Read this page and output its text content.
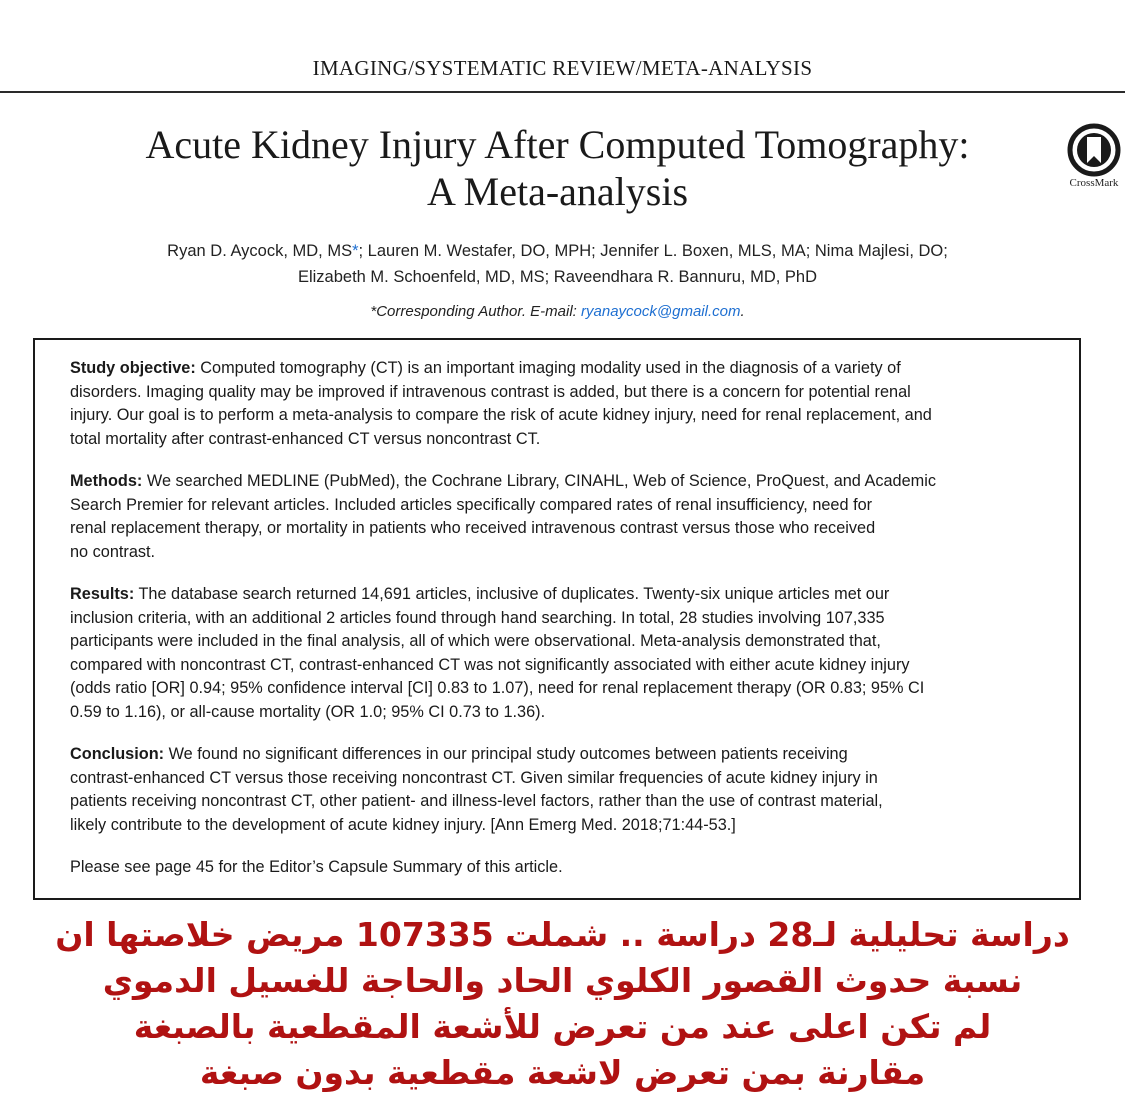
IMAGING/SYSTEMATIC REVIEW/META-ANALYSIS
Acute Kidney Injury After Computed Tomography:
A Meta-analysis	CrossMark
Ryan D. Aycock, MD, MS*; Lauren M. Westafer, DO, MPH; Jennifer L. Boxen, MLS, MA; Nima Majlesi, DO;
Elizabeth M. Schoenfeld, MD, MS; Raveendhara R. Bannuru, MD, PhD
*Corresponding Author. E-mail: ryanaycock@gmail.com.
Study objective: Computed tomography (CT) is an important imaging modality used in the diagnosis of a variety of
disorders. Imaging quality may be improved if intravenous contrast is added, but there is a concern for potential renal
injury. Our goal is to perform a meta-analysis to compare the risk of acute kidney injury, need for renal replacement, and
total mortality after contrast-enhanced CT versus noncontrast CT.
Methods: We searched MEDLINE (PubMed), the Cochrane Library, CINAHL, Web of Science, ProQuest, and Academic
Search Premier for relevant articles. Included articles specifically compared rates of renal insufficiency, need for
renal replacement therapy, or mortality in patients who received intravenous contrast versus those who received
no contrast.
Results: The database search returned 14,691 articles, inclusive of duplicates. Twenty-six unique articles met our
inclusion criteria, with an additional 2 articles found through hand searching. In total, 28 studies involving 107,335
participants were included in the final analysis, all of which were observational. Meta-analysis demonstrated that,
compared with noncontrast CT, contrast-enhanced CT was not significantly associated with either acute kidney injury
(odds ratio [OR] 0.94; 95% confidence interval [CI] 0.83 to 1.07), need for renal replacement therapy (OR 0.83; 95% CI
0.59 to 1.16), or all-cause mortality (OR 1.0; 95% CI 0.73 to 1.36).
Conclusion: We found no significant differences in our principal study outcomes between patients receiving
contrast-enhanced CT versus those receiving noncontrast CT. Given similar frequencies of acute kidney injury in
patients receiving noncontrast CT, other patient- and illness-level factors, rather than the use of contrast material,
likely contribute to the development of acute kidney injury. [Ann Emerg Med. 2018;71:44-53.]
Please see page 45 for the Editor’s Capsule Summary of this article.
دراسة تحليلية لـ28 دراسة .. شملت 107335 مريض خلاصتها ان
نسبة حدوث القصور الكلوي الحاد والحاجة للغسيل الدموي
لم تكن اعلى عند من تعرض للأشعة المقطعية بالصبغة
مقارنة بمن تعرض لاشعة مقطعية بدون صبغة
